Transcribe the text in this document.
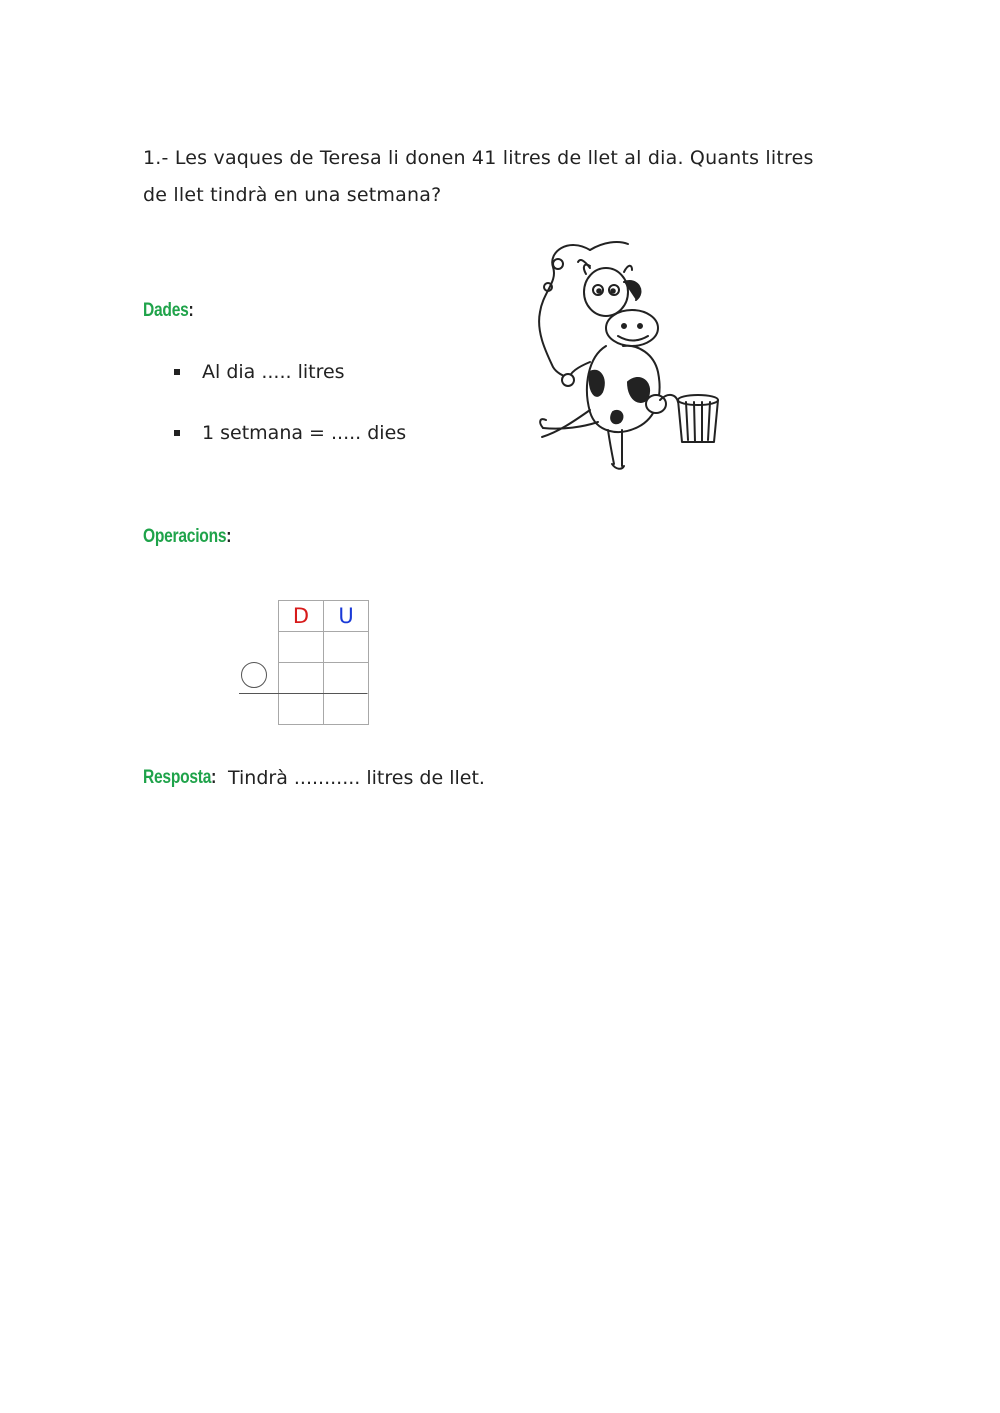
1.- Les vaques de Teresa li donen 41 litres de llet al dia. Quants litres
de llet tindrà en una setmana?
Dades:
Al dia ..... litres
1 setmana = ..... dies
Operacions:
D	U

Resposta: Tindrà ........... litres de llet.
